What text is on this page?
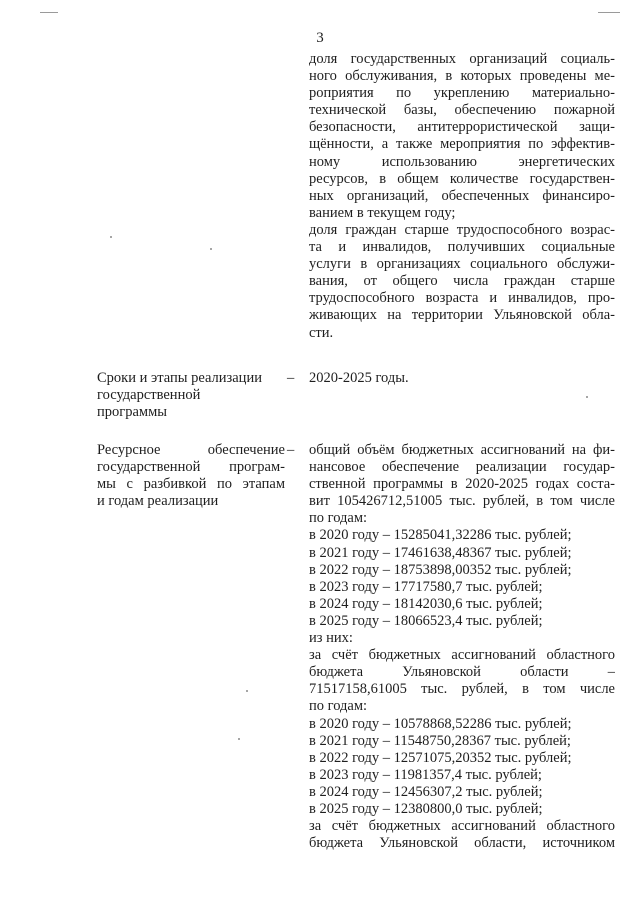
3
доля государственных организаций социаль-
ного обслуживания, в которых проведены ме-
роприятия по укреплению материально-
технической базы, обеспечению пожарной
безопасности, антитеррористической защи-
щённости, а также мероприятия по эффектив-
ному использованию энергетических
ресурсов, в общем количестве государствен-
ных организаций, обеспеченных финансиро-
ванием в текущем году;
доля граждан старше трудоспособного возрас-
та и инвалидов, получивших социальные
услуги в организациях социального обслужи-
вания, от общего числа граждан старше
трудоспособного возраста и инвалидов, про-
живающих на территории Ульяновской обла-
сти.
Сроки и этапы реализации
государственной
программы
– 2020-2025 годы.
Ресурсное обеспечение
государственной програм-
мы с разбивкой по этапам
и годам реализации
– общий объём бюджетных ассигнований на фи-
нансовое обеспечение реализации государ-
ственной программы в 2020-2025 годах соста-
вит 105426712,51005 тыс. рублей, в том числе
по годам:
в 2020 году – 15285041,32286 тыс. рублей;
в 2021 году – 17461638,48367 тыс. рублей;
в 2022 году – 18753898,00352 тыс. рублей;
в 2023 году – 17717580,7 тыс. рублей;
в 2024 году – 18142030,6 тыс. рублей;
в 2025 году – 18066523,4 тыс. рублей;
из них:
за счёт бюджетных ассигнований областного
бюджета Ульяновской области –
71517158,61005 тыс. рублей, в том числе
по годам:
в 2020 году – 10578868,52286 тыс. рублей;
в 2021 году – 11548750,28367 тыс. рублей;
в 2022 году – 12571075,20352 тыс. рублей;
в 2023 году – 11981357,4 тыс. рублей;
в 2024 году – 12456307,2 тыс. рублей;
в 2025 году – 12380800,0 тыс. рублей;
за счёт бюджетных ассигнований областного
бюджета Ульяновской области, источником
